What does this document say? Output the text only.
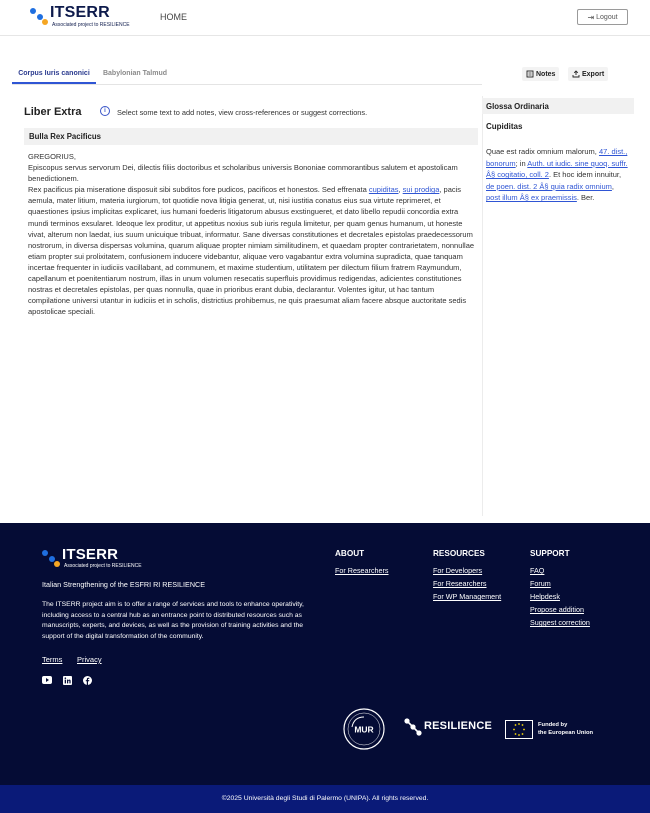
ITSERR
Associated project to RESILIENCE
HOME	⇥ Logout
Corpus Iuris canonici	Babylonian Talmud	Notes	Export
Liber Extra	i	Select some text to add notes, view cross-references or suggest corrections.
Bulla Rex Pacificus

GREGORIUS,

Episcopus servus servorum Dei, dilectis filiis doctoribus et scholaribus universis Bononiae commorantibus salutem et apostolicam benedictionem.

Rex pacificus pia miseratione disposuit sibi subditos fore pudicos, pacificos et honestos. Sed effrenata cupiditas, sui prodiga, pacis aemula, mater litium, materia iurgiorum, tot quotidie nova litigia generat, ut, nisi iustitia conatus eius sua virtute reprimeret, et quaestiones ipsius implicitas explicaret, ius humani foederis litigatorum abusus exstingueret, et dato libello repudii concordia extra mundi terminos exsularet. Ideoque lex proditur, ut appetitus noxius sub iuris regula limitetur, per quam genus humanum, ut honeste vivat, alterum non laedat, ius suum unicuique tribuat, informatur. Sane diversas constitutiones et decretales epistolas praedecessorum nostrorum, in diversa dispersas volumina, quarum aliquae propter nimiam similitudinem, et quaedam propter contrarietatem, nonnullae etiam propter sui prolixitatem, confusionem inducere videbantur, aliquae vero vagabantur extra volumina supradicta, quae tanquam incertae frequenter in iudiciis vacillabant, ad communem, et maxime studentium, utilitatem per dilectum filium fratrem Raymundum, capellanum et poenitentiarum nostrum, illas in unum volumen resecatis superfluis providimus redigendas, adicientes constitutiones nostras et decretales epistolas, per quas nonnulla, quae in prioribus erant dubia, declarantur. Volentes igitur, ut hac tantum compilatione universi utantur in iudiciis et in scholis, districtius prohibemus, ne quis praesumat aliam facere absque auctoritate sedis apostolicae speciali.

Glossa Ordinaria
Cupiditas
Quae est radix omnium malorum, 47. dist., bonorum; in Auth. ut iudic. sine quoq. suffr. Â§ cogitatio, coll. 2. Et hoc idem innuitur, de poen. dist. 2 Â§ quia radix omnium, post illum Â§ ex praemissis. Ber.
ITSERR
Associated project to RESILIENCE
Italian Strengthening of the ESFRI RI RESILIENCE
The ITSERR project aim is to offer a range of services and tools to enhance operativity, including access to a central hub as an entrance point to distributed resources such as manuscripts, experts, and devices, as well as the provision of training activities and the support of the digital transformation of the community.
Terms Privacy
ABOUT
For Researchers
RESOURCES
For Developers
For Researchers
For WP Management
SUPPORT
FAQ
Forum
Helpdesk
Propose addition
Suggest correction
MUR	RESILIENCE	Funded by
the European Union
©2025 Università degli Studi di Palermo (UNIPA). All rights reserved.
